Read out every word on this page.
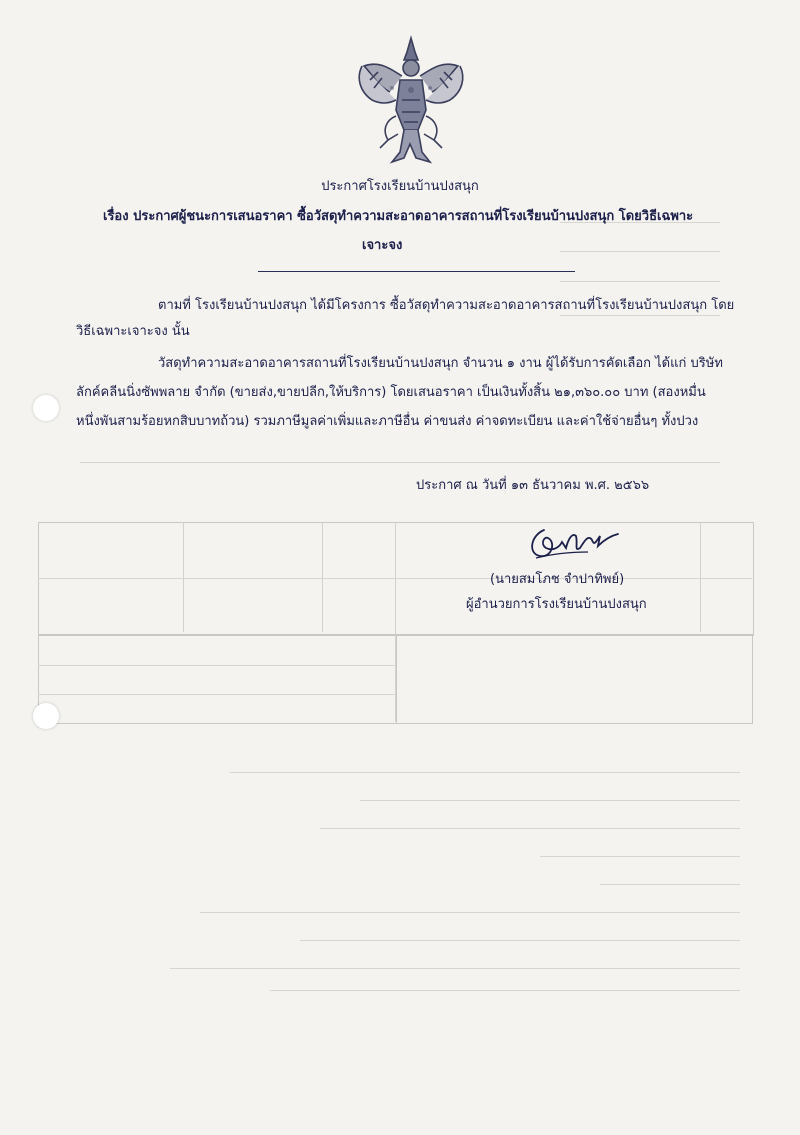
ประกาศโรงเรียนบ้านปงสนุก
เรื่อง ประกาศผู้ชนะการเสนอราคา ซื้อวัสดุทำความสะอาดอาคารสถานที่โรงเรียนบ้านปงสนุก โดยวิธีเฉพาะ
เจาะจง
ตามที่ โรงเรียนบ้านปงสนุก ได้มีโครงการ ซื้อวัสดุทำความสะอาดอาคารสถานที่โรงเรียนบ้านปงสนุก โดย
วิธีเฉพาะเจาะจง นั้น
วัสดุทำความสะอาดอาคารสถานที่โรงเรียนบ้านปงสนุก จำนวน ๑ งาน ผู้ได้รับการคัดเลือก ได้แก่ บริษัท
ลักค์คลีนนิ่งซัพพลาย จำกัด (ขายส่ง,ขายปลีก,ให้บริการ) โดยเสนอราคา เป็นเงินทั้งสิ้น ๒๑,๓๖๐.๐๐ บาท (สองหมื่น
หนึ่งพันสามร้อยหกสิบบาทถ้วน) รวมภาษีมูลค่าเพิ่มและภาษีอื่น ค่าขนส่ง ค่าจดทะเบียน และค่าใช้จ่ายอื่นๆ ทั้งปวง
ประกาศ ณ วันที่ ๑๓ ธันวาคม พ.ศ. ๒๕๖๖
(นายสมโภช จำปาทิพย์)
ผู้อำนวยการโรงเรียนบ้านปงสนุก
